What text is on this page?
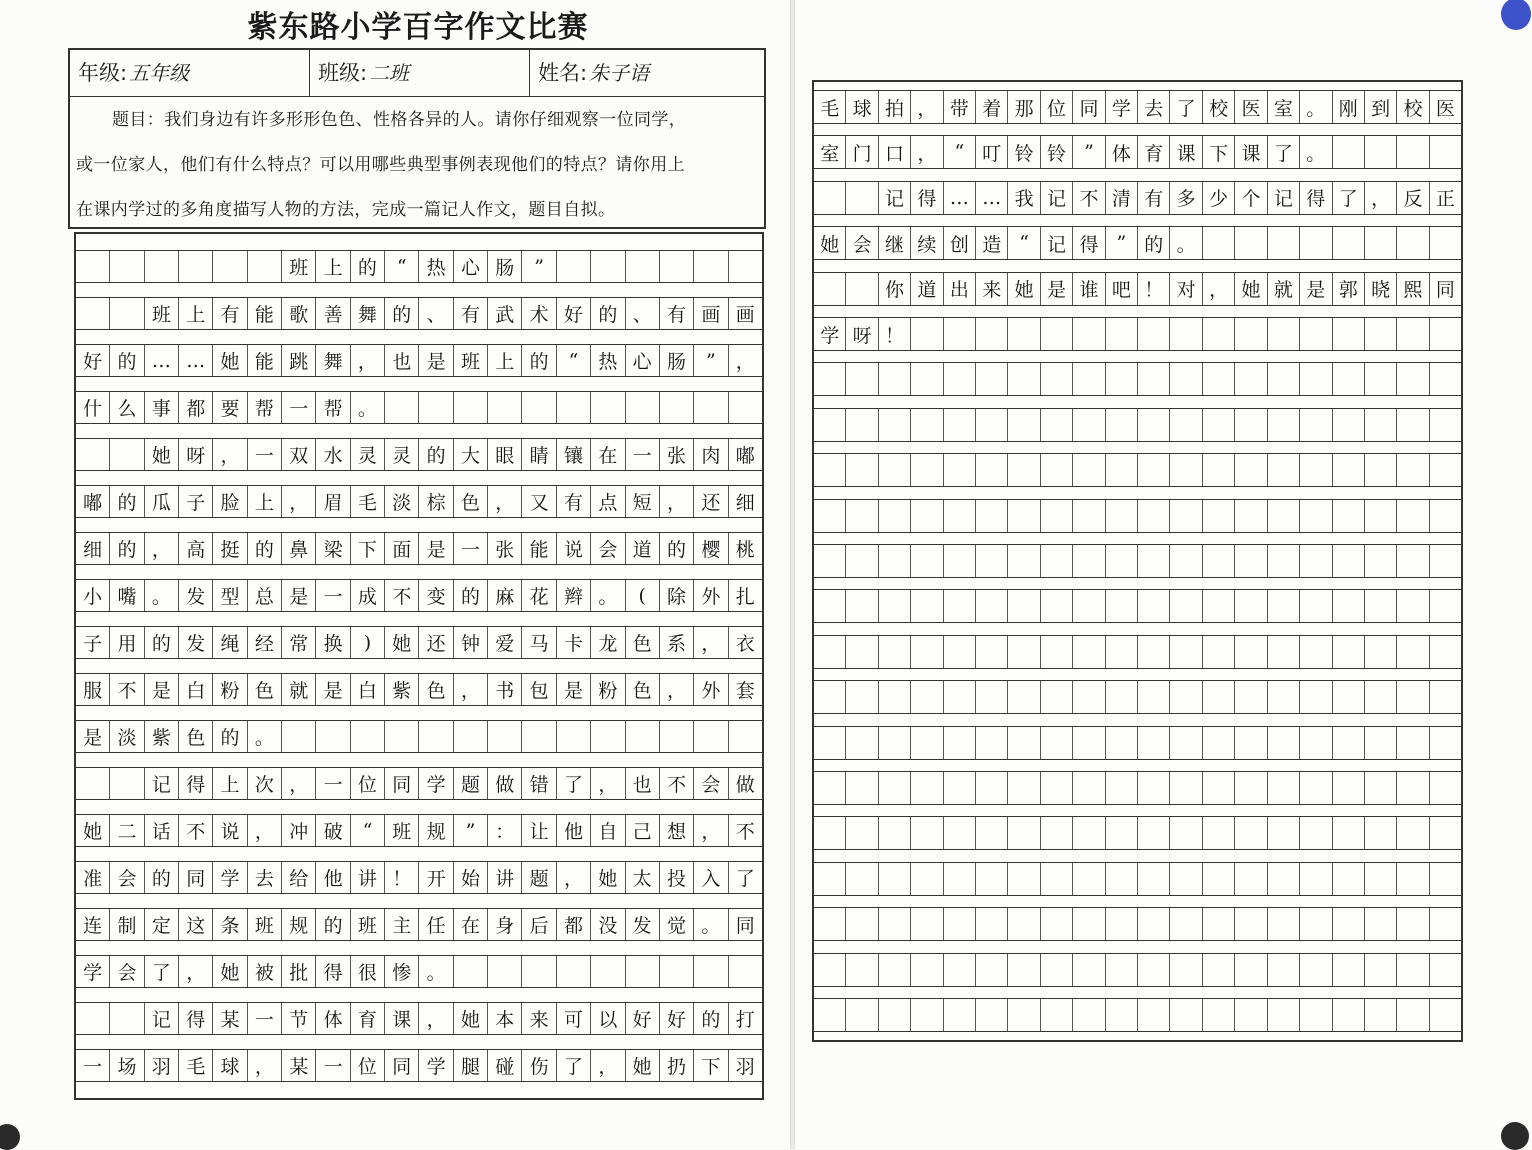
紫东路小学百字作文比赛
年级: 五年级	班级: 二班	姓名: 朱子语
题目：我们身边有许多形形色色、性格各异的人。请你仔细观察一位同学，
或一位家人，他们有什么特点？可以用哪些典型事例表现他们的特点？请你用上
在课内学过的多角度描写人物的方法，完成一篇记人作文，题目自拟。

班 上 的	“	热 心 肠	”

班 上 有 能 歌 善 舞 的 、 有 武 术 好 的 、 有 画 画
好 的 … … 她 能 跳 舞 ， 也 是 班 上 的	“	热 心 肠	”	，
什 么 事 都 要 帮 一 帮 。

她 呀 ， 一 双 水 灵 灵 的 大 眼 睛 镶 在 一 张 肉 嘟
嘟 的 瓜 子 脸 上 ， 眉 毛 淡 棕 色 ， 又 有 点 短 ， 还 细
细 的 ， 高 挺 的 鼻 梁 下 面 是 一 张 能 说 会 道 的 樱 桃
小 嘴 。 发 型 总 是 一 成 不 变 的 麻 花 辫 。	(	除 外 扎
子 用 的 发 绳 经 常 换	)	她 还 钟 爱 马 卡 龙 色 系 ， 衣
服 不 是 白 粉 色 就 是 白 紫 色 ， 书 包 是 粉 色 ， 外 套
是 淡 紫 色 的 。

记 得 上 次 ， 一 位 同 学 题 做 错 了 ， 也 不 会 做
她 二 话 不 说 ， 冲 破	“	班 规	”	： 让 他 自 己 想 ， 不
准 会 的 同 学 去 给 他 讲 ！ 开 始 讲 题 ， 她 太 投 入 了
连 制 定 这 条 班 规 的 班 主 任 在 身 后 都 没 发 觉 。 同
学 会 了 ， 她 被 批 得 很 惨 。

记 得 某 一 节 体 育 课 ， 她 本 来 可 以 好 好 的 打
一 场 羽 毛 球 ， 某 一 位 同 学 腿 碰 伤 了 ， 她 扔 下 羽
毛 球 拍 ， 带 着 那 位 同 学 去 了 校 医 室 。 刚 到 校 医
室 门 口 ， “ 叮 铃 铃 ” 体 育 课 下 课 了 。

记 得 … … 我 记 不 清 有 多 少 个 记 得 了 ， 反 正
她 会 继 续 创 造 “ 记 得 ” 的 。

你 道 出 来 她 是 谁 吧 ！ 对 ， 她 就 是 郭 晓 熙 同
学 呀 ！
